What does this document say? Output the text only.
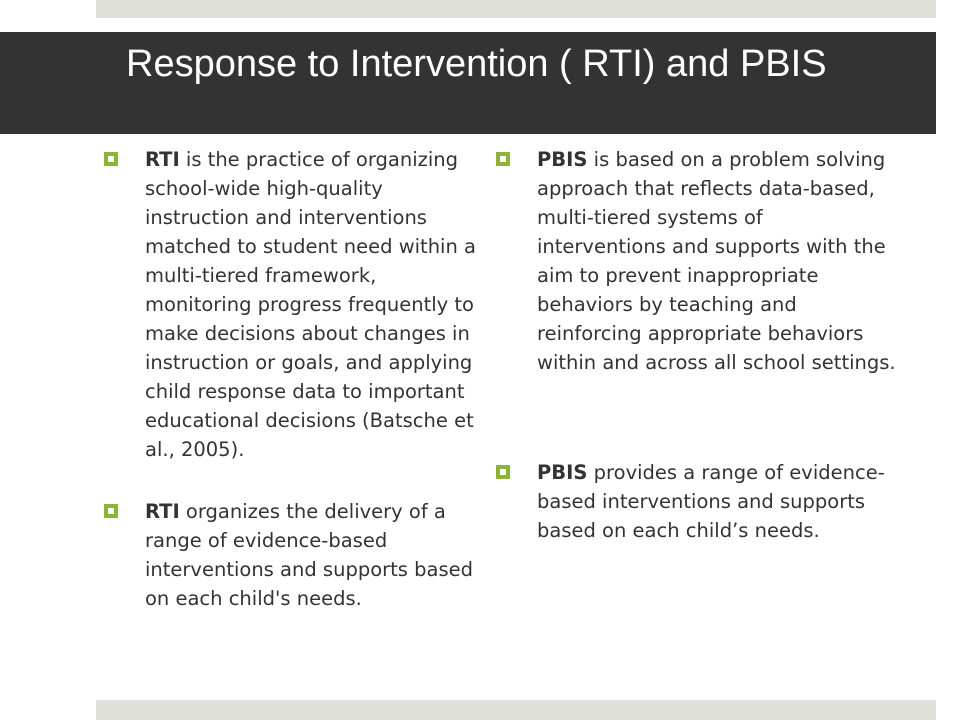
Response to Intervention ( RTI) and PBIS
RTI is the practice of organizing school-wide high-quality instruction and interventions matched to student need within a multi-tiered framework, monitoring progress frequently to make decisions about changes in instruction or goals, and applying child response data to important educational decisions (Batsche et al., 2005).
RTI organizes the delivery of a range of evidence-based interventions and supports based on each child's needs.
PBIS is based on a problem solving approach that reflects data-based, multi-tiered systems of interventions and supports with the aim to prevent inappropriate behaviors by teaching and reinforcing appropriate behaviors within and across all school settings.
PBIS provides a range of evidence-based interventions and supports based on each child’s needs.
